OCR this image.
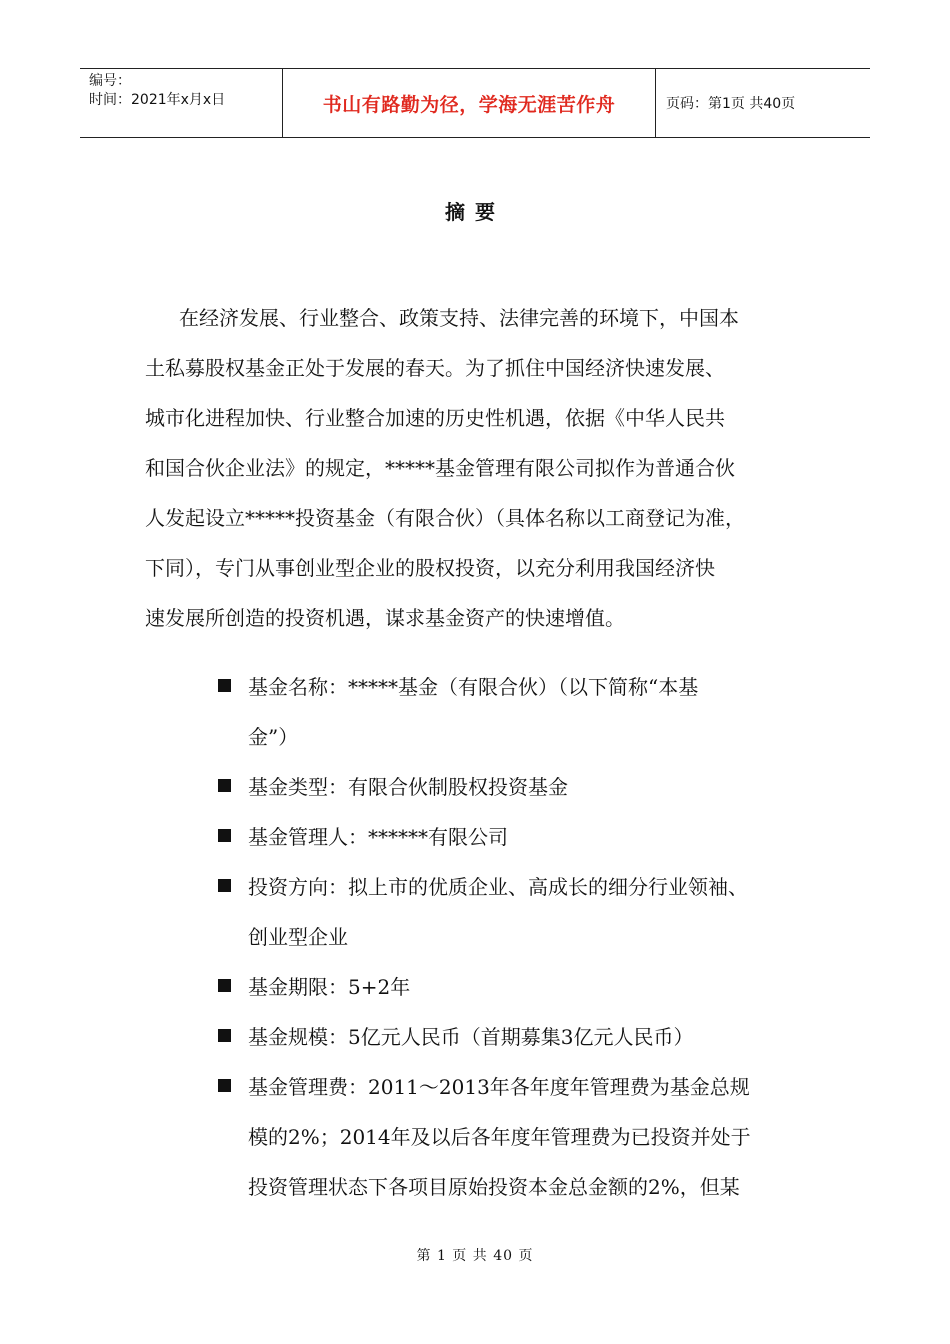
编号：
时间：2021年x月x日	书山有路勤为径，学海无涯苦作舟	页码：第1页 共40页
摘要
在经济发展、行业整合、政策支持、法律完善的环境下，中国本
土私募股权基金正处于发展的春天。为了抓住中国经济快速发展、
城市化进程加快、行业整合加速的历史性机遇，依据《中华人民共
和国合伙企业法》的规定，*****基金管理有限公司拟作为普通合伙
人发起设立*****投资基金（有限合伙）（具体名称以工商登记为准，
下同），专门从事创业型企业的股权投资，以充分利用我国经济快
速发展所创造的投资机遇，谋求基金资产的快速增值。
基金名称：*****基金（有限合伙）（以下简称“本基
金”）
基金类型：有限合伙制股权投资基金
基金管理人：******有限公司
投资方向：拟上市的优质企业、高成长的细分行业领袖、
创业型企业
基金期限：5+2年
基金规模：5亿元人民币（首期募集3亿元人民币）
基金管理费：2011～2013年各年度年管理费为基金总规
模的2%；2014年及以后各年度年管理费为已投资并处于
投资管理状态下各项目原始投资本金总金额的2%，但某
第 1 页 共 40 页
